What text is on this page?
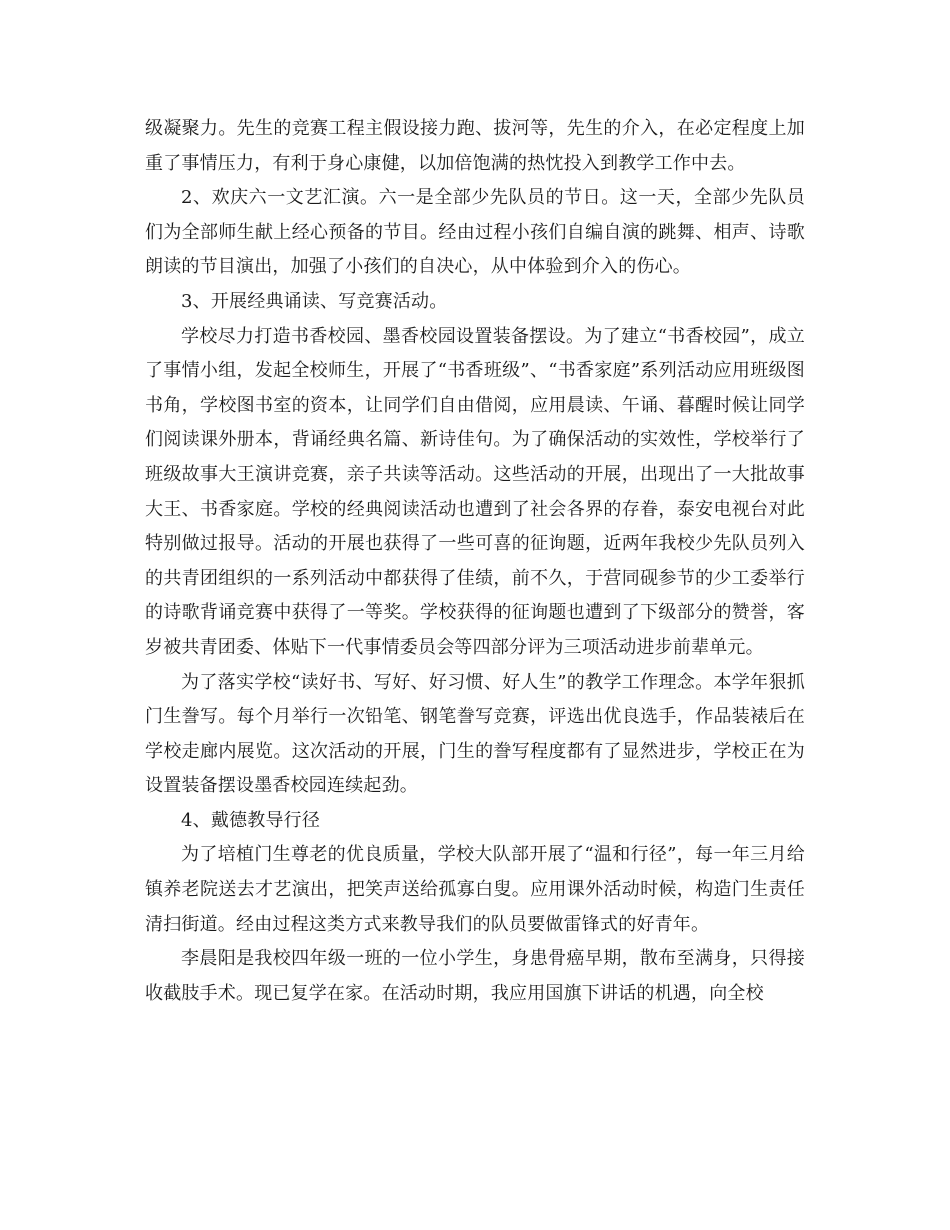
级凝聚力。先生的竞赛工程主假设接力跑、拔河等，先生的介入，在必定程度上加重了事情压力，有利于身心康健，以加倍饱满的热忱投入到教学工作中去。

2、欢庆六一文艺汇演。六一是全部少先队员的节日。这一天，全部少先队员们为全部师生献上经心预备的节目。经由过程小孩们自编自演的跳舞、相声、诗歌朗读的节目演出，加强了小孩们的自决心，从中体验到介入的伤心。

3、开展经典诵读、写竞赛活动。

学校尽力打造书香校园、墨香校园设置装备摆设。为了建立“书香校园”，成立了事情小组，发起全校师生，开展了“书香班级”、“书香家庭”系列活动应用班级图书角，学校图书室的资本，让同学们自由借阅，应用晨读、午诵、暮醒时候让同学们阅读课外册本，背诵经典名篇、新诗佳句。为了确保活动的实效性，学校举行了班级故事大王演讲竞赛，亲子共读等活动。这些活动的开展，出现出了一大批故事大王、书香家庭。学校的经典阅读活动也遭到了社会各界的存眷，泰安电视台对此特别做过报导。活动的开展也获得了一些可喜的征询题，近两年我校少先队员列入的共青团组织的一系列活动中都获得了佳绩，前不久，于营同砚参节的少工委举行的诗歌背诵竞赛中获得了一等奖。学校获得的征询题也遭到了下级部分的赞誉，客岁被共青团委、体贴下一代事情委员会等四部分评为三项活动进步前辈单元。

为了落实学校“读好书、写好、好习惯、好人生”的教学工作理念。本学年狠抓门生誊写。每个月举行一次铅笔、钢笔誊写竞赛，评选出优良选手，作品装裱后在学校走廊内展览。这次活动的开展，门生的誊写程度都有了显然进步，学校正在为设置装备摆设墨香校园连续起劲。

4、戴德教导行径

为了培植门生尊老的优良质量，学校大队部开展了“温和行径”，每一年三月给镇养老院送去才艺演出，把笑声送给孤寡白叟。应用课外活动时候，构造门生责任清扫街道。经由过程这类方式来教导我们的队员要做雷锋式的好青年。

李晨阳是我校四年级一班的一位小学生，身患骨癌早期，散布至满身，只得接收截肢手术。现已复学在家。在活动时期，我应用国旗下讲话的机遇，向全校
